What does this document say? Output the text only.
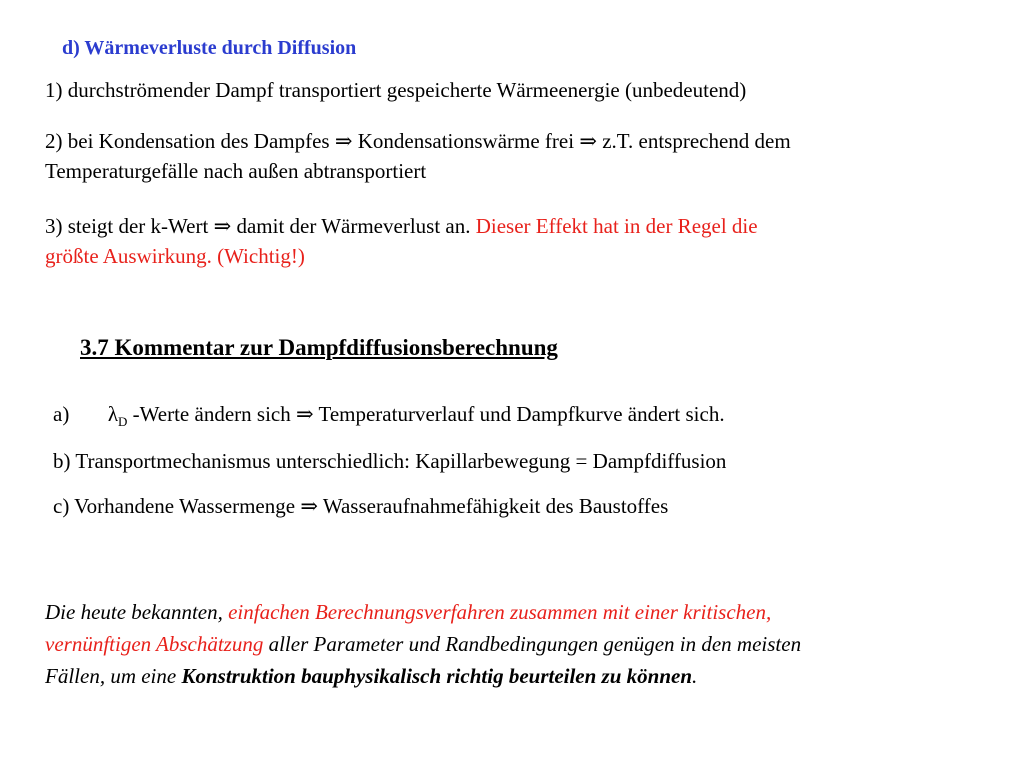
d) Wärmeverluste durch Diffusion
1) durchströmender Dampf transportiert gespeicherte Wärmeenergie (unbedeutend)
2) bei Kondensation des Dampfes ⇒ Kondensationswärme frei ⇒ z.T. entsprechend dem
Temperaturgefälle nach außen abtransportiert
3) steigt der k-Wert ⇒ damit der Wärmeverlust an. Dieser Effekt hat in der Regel die
größte Auswirkung. (Wichtig!)
3.7 Kommentar zur Dampfdiffusionsberechnung
a) $\lambda_D$ -Werte ändern sich ⇒ Temperaturverlauf und Dampfkurve ändert sich.
b) Transportmechanismus unterschiedlich: Kapillarbewegung = Dampfdiffusion
c) Vorhandene Wassermenge ⇒ Wasseraufnahmefähigkeit des Baustoffes
Die heute bekannten, einfachen Berechnungsverfahren zusammen mit einer kritischen,
vernünftigen Abschätzung aller Parameter und Randbedingungen genügen in den meisten
Fällen, um eine Konstruktion bauphysikalisch richtig beurteilen zu können.
